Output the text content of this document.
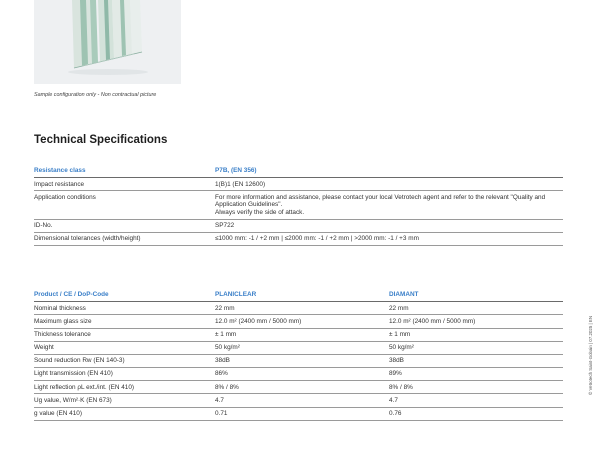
Sample configuration only - Non contractual picture
Technical Specifications
Resistance class	P7B, (EN 356)
Impact resistance	1(B)1 (EN 12600)
Application conditions	For more information and assistance, please contact your local Vetrotech agent and refer to the relevant "Quality and Application Guidelines".
Always verify the side of attack.
ID-No.	SP722
Dimensional tolerances (width/height)	≤1000 mm: -1 / +2 mm | ≤2000 mm: -1 / +2 mm | >2000 mm: -1 / +3 mm
Product / CE / DoP-Code	PLANICLEAR	DIAMANT
Nominal thickness	22 mm	22 mm
Maximum glass size	12.0 m² (2400 mm / 5000 mm)	12.0 m² (2400 mm / 5000 mm)
Thickness tolerance	± 1 mm	± 1 mm
Weight	50 kg/m²	50 kg/m²
Sound reduction Rw (EN 140-3)	38dB	38dB
Light transmission (EN 410)	86%	89%
Light reflection ρL ext./int. (EN 410)	8% / 8%	8% / 8%
Ug value, W/m²·K (EN 673)	4.7	4.7
g value (EN 410)	0.71	0.76
© Vetrotech Saint-Gobain | 07.2025 | EN
